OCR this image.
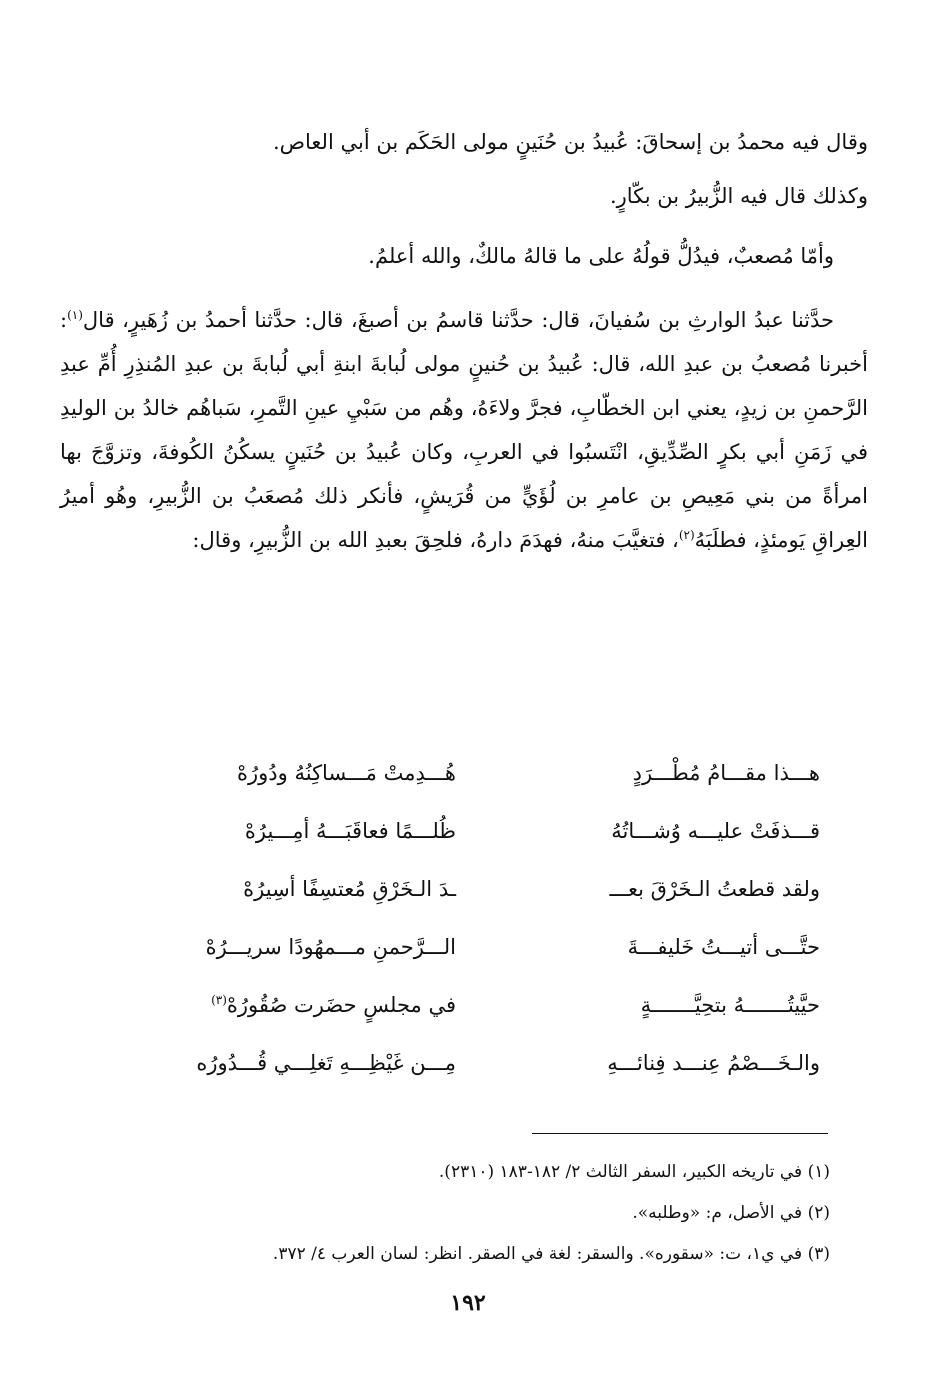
وقال فيه محمدُ بن إسحاقَ: عُبيدُ بن حُنَينٍ مولى الحَكَم بن أبي العاص.

وكذلك قال فيه الزُّبيرُ بن بكّارٍ.

وأمّا مُصعبٌ، فيدُلُّ قولُهُ على ما قالهُ مالكٌ، والله أعلمُ.

حدَّثنا عبدُ الوارثِ بن سُفيانَ، قال: حدَّثنا قاسمُ بن أصبغَ، قال: حدَّثنا أحمدُ بن زُهَيرٍ، قال$^{(١)}$: أخبرنا مُصعبُ بن عبدِ الله، قال: عُبيدُ بن حُنينٍ مولى لُبابةَ ابنةِ أبي لُبابةَ بن عبدِ المُنذِرِ أُمِّ عبدِ الرَّحمنِ بن زيدٍ، يعني ابن الخطّابِ، فجرَّ ولاءَهُ، وهُم من سَبْيِ عينِ التَّمرِ، سَباهُم خالدُ بن الوليدِ في زَمَنِ أبي بكرٍ الصِّدِّيقِ، انْتَسبُوا في العربِ، وكان عُبيدُ بن حُنَينٍ يسكُنُ الكُوفةَ، وتزوَّجَ بها امرأةً من بني مَعِيصِ بن عامرِ بن لُؤَيٍّ من قُرَيشٍ، فأنكر ذلك مُصعَبُ بن الزُّبيرِ، وهُو أميرُ العِراقِ يَومئذٍ، فطلَبَهُ$^{(٢)}$، فتغيَّبَ منهُ، فهدَمَ دارهُ، فلحِقَ بعبدِ الله بن الزُّبيرِ، وقال:

هـــذا مقـــامُ مُطْـــرَدٍ
هُـــدِمتْ مَـــساكِنُهُ ودُورُهْ
قـــذفَتْ عليـــه وُشـــاتُهُ
ظُلـــمًا فعاقَبَـــهُ أمِـــيرُهْ
ولقد قطعتُ الـخَرْقَ بعـــ
ـدَ الـخَرْقِ مُعتسِفًا أسِيرُهْ
حتَّـــى أتيـــتُ خَليفـــةَ
الـــرَّحمنِ مـــمهُودًا سريـــرُهْ
حيَّيتُـــــــهُ بتحِيَّـــــــةٍ
في مجلسٍ حضَرت صُقُورُهْ$^{(٣)}$
والـخَـــصْمُ عِنـــد فِنائـــهِ
مِـــن غَيْظِـــهِ تَغلِـــي قُـــدُورُه
(١) في تاريخه الكبير، السفر الثالث ٢/ ١٨٢-١٨٣ (٢٣١٠).
(٢) في الأصل، م: «وطلبه».
(٣) في ي١، ت: «سقوره». والسقر: لغة في الصقر. انظر: لسان العرب ٤/ ٣٧٢.
١٩٢
